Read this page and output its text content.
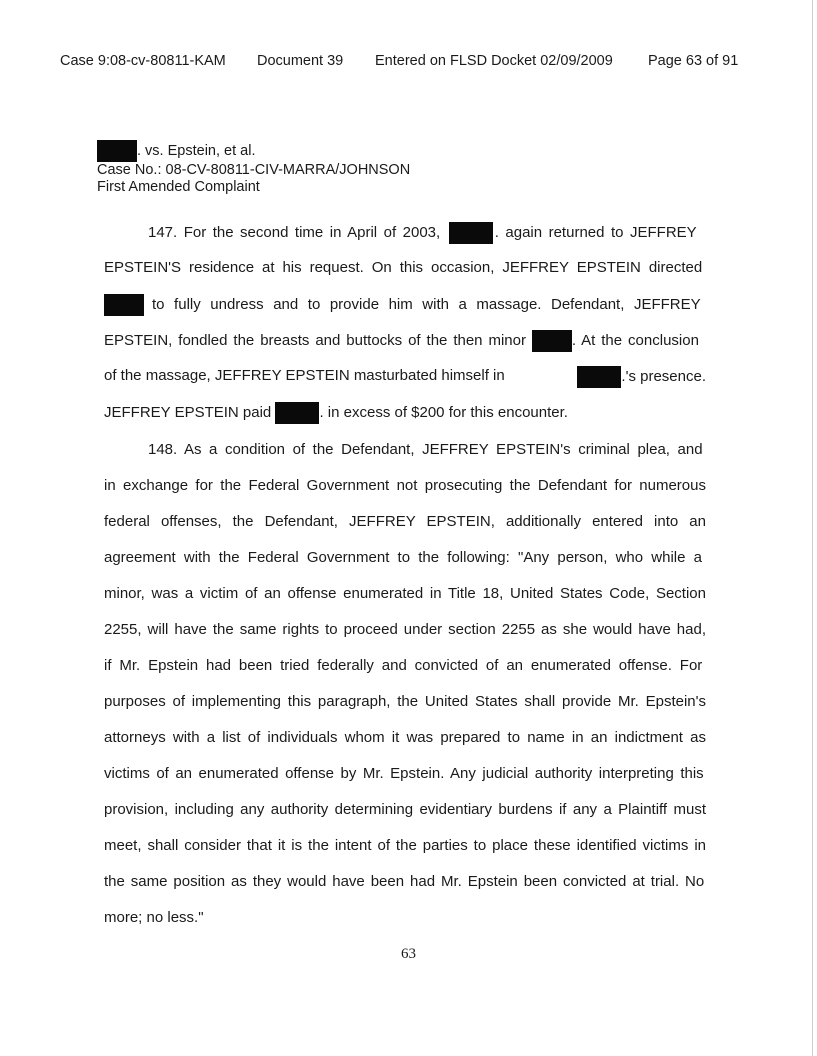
Case 9:08-cv-80811-KAM Document 39 Entered on FLSD Docket 02/09/2009 Page 63 of 91
. vs. Epstein, et al.
Case No.: 08-CV-80811-CIV-MARRA/JOHNSON
First Amended Complaint
147. For the second time in April of 2003,	. again returned to JEFFREY
EPSTEIN'S residence at his request. On this occasion, JEFFREY EPSTEIN directed
to fully undress and to provide him with a massage. Defendant, JEFFREY
EPSTEIN, fondled the breasts and buttocks of the then minor	. At the conclusion
of the massage, JEFFREY EPSTEIN masturbated himself in	.'s presence.
JEFFREY EPSTEIN paid	. in excess of $200 for this encounter.
148. As a condition of the Defendant, JEFFREY EPSTEIN's criminal plea, and
in exchange for the Federal Government not prosecuting the Defendant for numerous
federal offenses, the Defendant, JEFFREY EPSTEIN, additionally entered into an
agreement with the Federal Government to the following: "Any person, who while a
minor, was a victim of an offense enumerated in Title 18, United States Code, Section
2255, will have the same rights to proceed under section 2255 as she would have had,
if Mr. Epstein had been tried federally and convicted of an enumerated offense. For
purposes of implementing this paragraph, the United States shall provide Mr. Epstein's
attorneys with a list of individuals whom it was prepared to name in an indictment as
victims of an enumerated offense by Mr. Epstein. Any judicial authority interpreting this
provision, including any authority determining evidentiary burdens if any a Plaintiff must
meet, shall consider that it is the intent of the parties to place these identified victims in
the same position as they would have been had Mr. Epstein been convicted at trial. No
more; no less."
63
